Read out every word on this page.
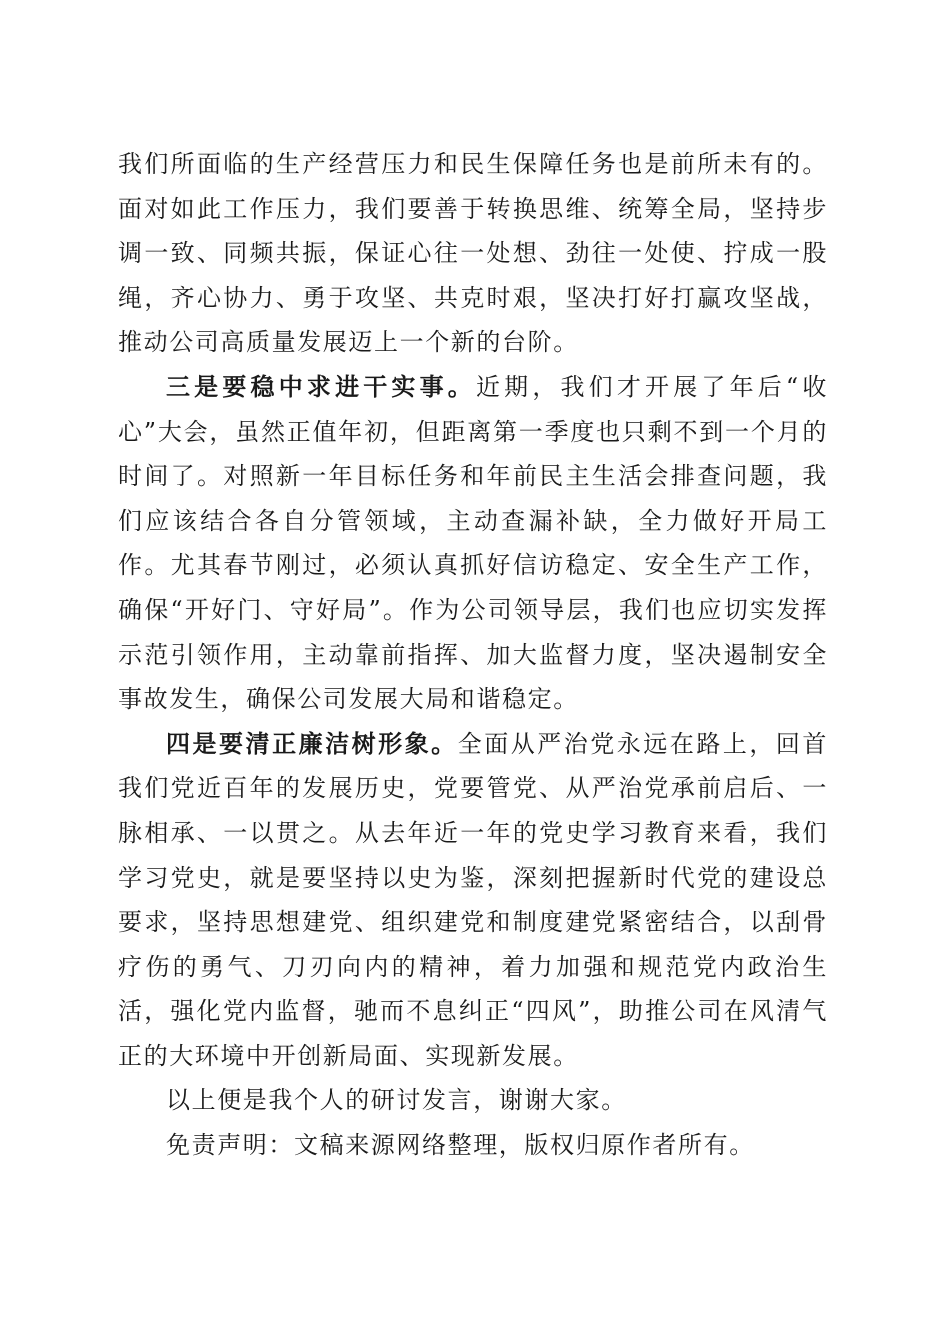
我们所面临的生产经营压力和民生保障任务也是前所未有的。面对如此工作压力，我们要善于转换思维、统筹全局，坚持步调一致、同频共振，保证心往一处想、劲往一处使、拧成一股绳，齐心协力、勇于攻坚、共克时艰，坚决打好打赢攻坚战，推动公司高质量发展迈上一个新的台阶。

三是要稳中求进干实事。近期，我们才开展了年后“收心”大会，虽然正值年初，但距离第一季度也只剩不到一个月的时间了。对照新一年目标任务和年前民主生活会排查问题，我们应该结合各自分管领域，主动查漏补缺，全力做好开局工作。尤其春节刚过，必须认真抓好信访稳定、安全生产工作，确保“开好门、守好局”。作为公司领导层，我们也应切实发挥示范引领作用，主动靠前指挥、加大监督力度，坚决遏制安全事故发生，确保公司发展大局和谐稳定。

四是要清正廉洁树形象。全面从严治党永远在路上，回首我们党近百年的发展历史，党要管党、从严治党承前启后、一脉相承、一以贯之。从去年近一年的党史学习教育来看，我们学习党史，就是要坚持以史为鉴，深刻把握新时代党的建设总要求，坚持思想建党、组织建党和制度建党紧密结合，以刮骨疗伤的勇气、刀刃向内的精神，着力加强和规范党内政治生活，强化党内监督，驰而不息纠正“四风”，助推公司在风清气正的大环境中开创新局面、实现新发展。

以上便是我个人的研讨发言，谢谢大家。

免责声明：文稿来源网络整理，版权归原作者所有。
